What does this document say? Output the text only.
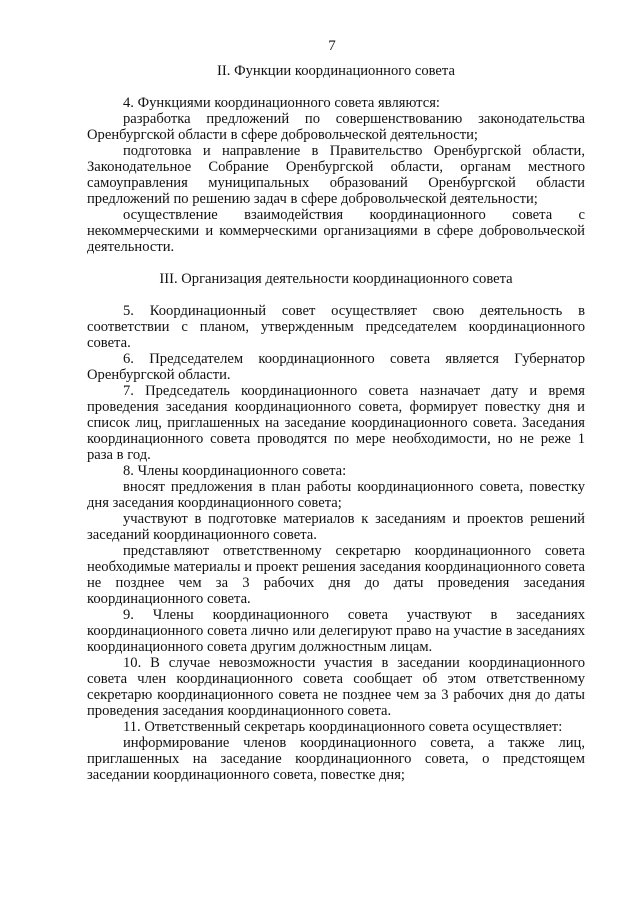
7

II. Функции координационного совета

4. Функциями координационного совета являются:

разработка предложений по совершенствованию законодательства Оренбургской области в сфере добровольческой деятельности;

подготовка и направление в Правительство Оренбургской области, Законодательное Собрание Оренбургской области, органам местного самоуправления муниципальных образований Оренбургской области предложений по решению задач в сфере добровольческой деятельности;

осуществление взаимодействия координационного совета с некоммерческими и коммерческими организациями в сфере добровольческой деятельности.

III. Организация деятельности координационного совета

5. Координационный совет осуществляет свою деятельность в соответствии с планом, утвержденным председателем координационного совета.

6. Председателем координационного совета является Губернатор Оренбургской области.

7. Председатель координационного совета назначает дату и время проведения заседания координационного совета, формирует повестку дня и список лиц, приглашенных на заседание координационного совета. Заседания координационного совета проводятся по мере необходимости, но не реже 1 раза в год.

8. Члены координационного совета:

вносят предложения в план работы координационного совета, повестку дня заседания координационного совета;

участвуют в подготовке материалов к заседаниям и проектов решений заседаний координационного совета.

представляют ответственному секретарю координационного совета необходимые материалы и проект решения заседания координационного совета не позднее чем за 3 рабочих дня до даты проведения заседания координационного совета.

9. Члены координационного совета участвуют в заседаниях координационного совета лично или делегируют право на участие в заседаниях координационного совета другим должностным лицам.

10. В случае невозможности участия в заседании координационного совета член координационного совета сообщает об этом ответственному секретарю координационного совета не позднее чем за 3 рабочих дня до даты проведения заседания координационного совета.

11. Ответственный секретарь координационного совета осуществляет:

информирование членов координационного совета, а также лиц, приглашенных на заседание координационного совета, о предстоящем заседании координационного совета, повестке дня;
